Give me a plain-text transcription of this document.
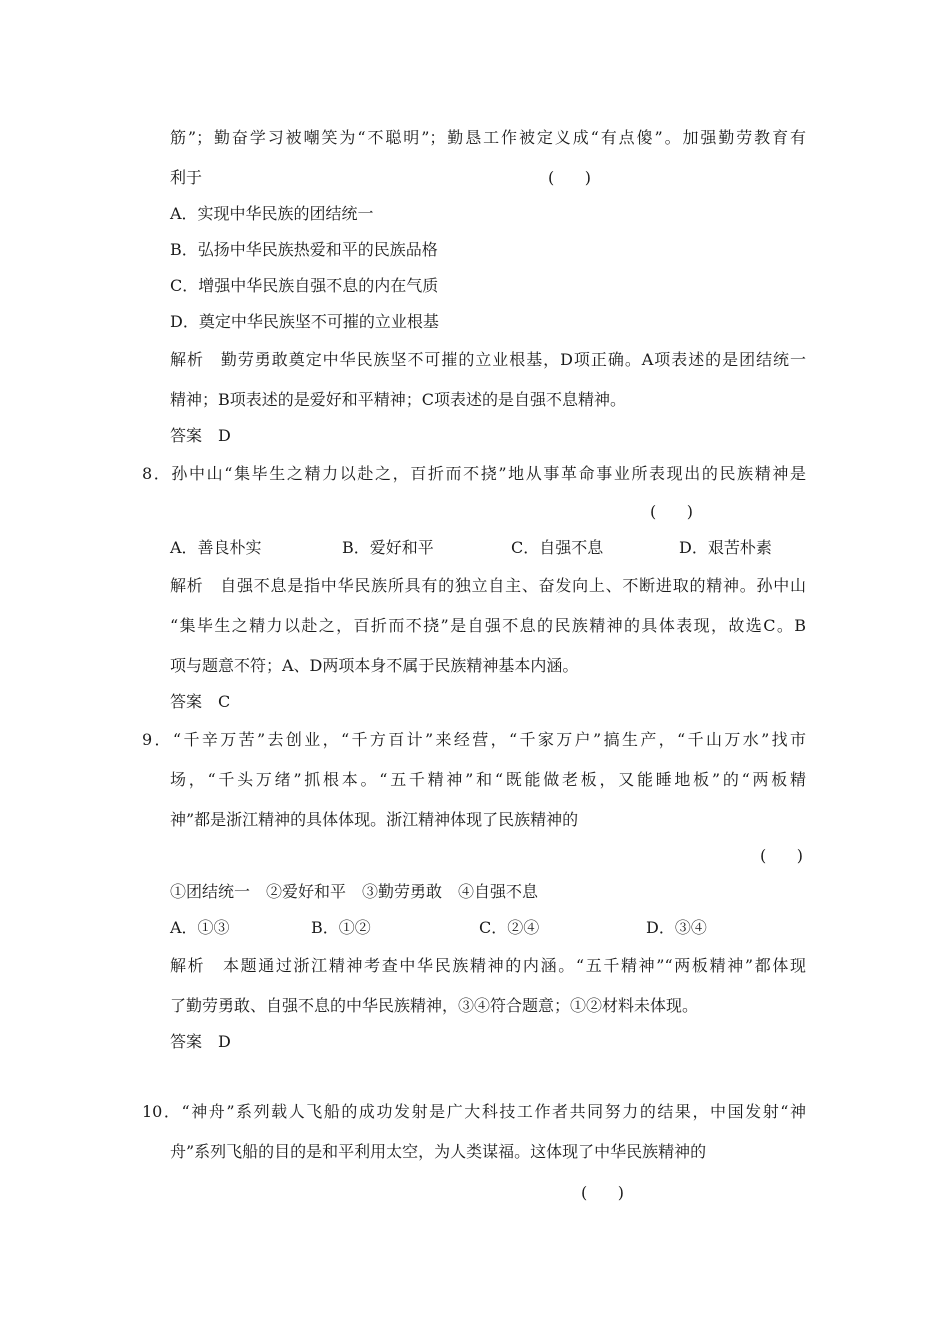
筋”；勤奋学习被嘲笑为“不聪明”；勤恳工作被定义成“有点傻”。加强勤劳教育有
利于	(      )
A．实现中华民族的团结统一
B．弘扬中华民族热爱和平的民族品格
C．增强中华民族自强不息的内在气质
D．奠定中华民族坚不可摧的立业根基
解析　勤劳勇敢奠定中华民族坚不可摧的立业根基，D项正确。A项表述的是团结统一
精神；B项表述的是爱好和平精神；C项表述的是自强不息精神。
答案　D
8．孙中山“集毕生之精力以赴之，百折而不挠”地从事革命事业所表现出的民族精神是
(      )
A．善良朴实	B．爱好和平	C．自强不息	D．艰苦朴素
解析　自强不息是指中华民族所具有的独立自主、奋发向上、不断进取的精神。孙中山
“集毕生之精力以赴之，百折而不挠”是自强不息的民族精神的具体表现，故选C。B
项与题意不符；A、D两项本身不属于民族精神基本内涵。
答案　C
9．“千辛万苦”去创业，“千方百计”来经营，“千家万户”搞生产，“千山万水”找市
场，“千头万绪”抓根本。“五千精神”和“既能做老板，又能睡地板”的“两板精
神”都是浙江精神的具体体现。浙江精神体现了民族精神的
(      )
①团结统一　②爱好和平　③勤劳勇敢　④自强不息
A．①③	B．①②	C．②④	D．③④
解析　本题通过浙江精神考查中华民族精神的内涵。“五千精神”“两板精神”都体现
了勤劳勇敢、自强不息的中华民族精神，③④符合题意；①②材料未体现。
答案　D
10．“神舟”系列载人飞船的成功发射是广大科技工作者共同努力的结果，中国发射“神
舟”系列飞船的目的是和平利用太空，为人类谋福。这体现了中华民族精神的
(      )
